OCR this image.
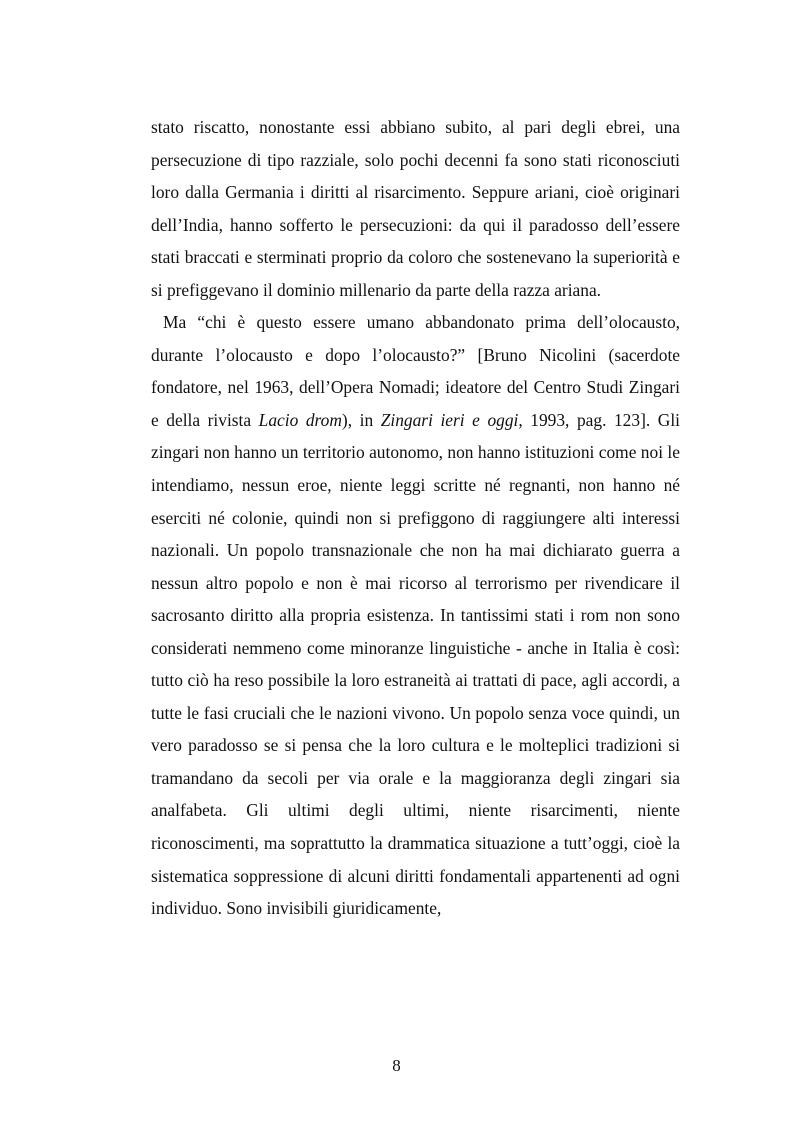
stato riscatto, nonostante essi abbiano subito, al pari degli ebrei, una persecuzione di tipo razziale, solo pochi decenni fa sono stati riconosciuti loro dalla Germania i diritti al risarcimento. Seppure ariani, cioè originari dell’India, hanno sofferto le persecuzioni: da qui il paradosso dell’essere stati braccati e sterminati proprio da coloro che sostenevano la superiorità e si prefiggevano il dominio millenario da parte della razza ariana.

Ma “chi è questo essere umano abbandonato prima dell’olocausto, durante l’olocausto e dopo l’olocausto?” [Bruno Nicolini (sacerdote fondatore, nel 1963, dell’Opera Nomadi; ideatore del Centro Studi Zingari e della rivista Lacio drom), in Zingari ieri e oggi, 1993, pag. 123]. Gli zingari non hanno un territorio autonomo, non hanno istituzioni come noi le intendiamo, nessun eroe, niente leggi scritte né regnanti, non hanno né eserciti né colonie, quindi non si prefiggono di raggiungere alti interessi nazionali. Un popolo transnazionale che non ha mai dichiarato guerra a nessun altro popolo e non è mai ricorso al terrorismo per rivendicare il sacrosanto diritto alla propria esistenza. In tantissimi stati i rom non sono considerati nemmeno come minoranze linguistiche - anche in Italia è così: tutto ciò ha reso possibile la loro estraneità ai trattati di pace, agli accordi, a tutte le fasi cruciali che le nazioni vivono. Un popolo senza voce quindi, un vero paradosso se si pensa che la loro cultura e le molteplici tradizioni si tramandano da secoli per via orale e la maggioranza degli zingari sia analfabeta. Gli ultimi degli ultimi, niente risarcimenti, niente riconoscimenti, ma soprattutto la drammatica situazione a tutt’oggi, cioè la sistematica soppressione di alcuni diritti fondamentali appartenenti ad ogni individuo. Sono invisibili giuridicamente,

8
